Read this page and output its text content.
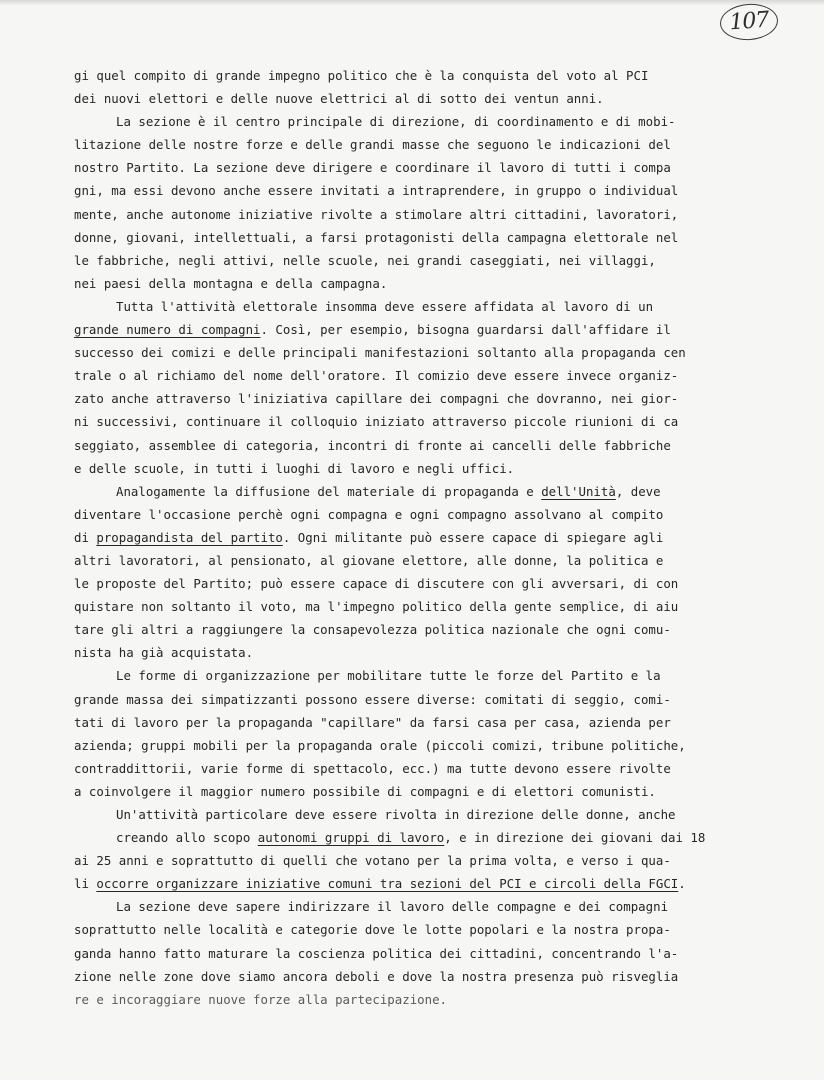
107
gi quel compito di grande impegno politico che è la conquista del voto al PCI
dei nuovi elettori e delle nuove elettrici al di sotto dei ventun anni.
La sezione è il centro principale di direzione, di coordinamento e di mobi-
litazione delle nostre forze e delle grandi masse che seguono le indicazioni del
nostro Partito. La sezione deve dirigere e coordinare il lavoro di tutti i compa
gni, ma essi devono anche essere invitati a intraprendere, in gruppo o individual
mente, anche autonome iniziative rivolte a stimolare altri cittadini, lavoratori,
donne, giovani, intellettuali, a farsi protagonisti della campagna elettorale nel
le fabbriche, negli attivi, nelle scuole, nei grandi caseggiati, nei villaggi,
nei paesi della montagna e della campagna.
Tutta l'attività elettorale insomma deve essere affidata al lavoro di un
grande numero di compagni. Così, per esempio, bisogna guardarsi dall'affidare il
successo dei comizi e delle principali manifestazioni soltanto alla propaganda cen
trale o al richiamo del nome dell'oratore. Il comizio deve essere invece organiz-
zato anche attraverso l'iniziativa capillare dei compagni che dovranno, nei gior-
ni successivi, continuare il colloquio iniziato attraverso piccole riunioni di ca
seggiato, assemblee di categoria, incontri di fronte ai cancelli delle fabbriche
e delle scuole, in tutti i luoghi di lavoro e negli uffici.
Analogamente la diffusione del materiale di propaganda e dell'Unità, deve
diventare l'occasione perchè ogni compagna e ogni compagno assolvano al compito
di propagandista del partito. Ogni militante può essere capace di spiegare agli
altri lavoratori, al pensionato, al giovane elettore, alle donne, la politica e
le proposte del Partito; può essere capace di discutere con gli avversari, di con
quistare non soltanto il voto, ma l'impegno politico della gente semplice, di aiu
tare gli altri a raggiungere la consapevolezza politica nazionale che ogni comu-
nista ha già acquistata.
Le forme di organizzazione per mobilitare tutte le forze del Partito e la
grande massa dei simpatizzanti possono essere diverse: comitati di seggio, comi-
tati di lavoro per la propaganda "capillare" da farsi casa per casa, azienda per
azienda; gruppi mobili per la propaganda orale (piccoli comizi, tribune politiche,
contraddittorii, varie forme di spettacolo, ecc.) ma tutte devono essere rivolte
a coinvolgere il maggior numero possibile di compagni e di elettori comunisti.
Un'attività particolare deve essere rivolta in direzione delle donne, anche
creando allo scopo autonomi gruppi di lavoro, e in direzione dei giovani dai 18
ai 25 anni e soprattutto di quelli che votano per la prima volta, e verso i qua-
li occorre organizzare iniziative comuni tra sezioni del PCI e circoli della FGCI.
La sezione deve sapere indirizzare il lavoro delle compagne e dei compagni
soprattutto nelle località e categorie dove le lotte popolari e la nostra propa-
ganda hanno fatto maturare la coscienza politica dei cittadini, concentrando l'a-
zione nelle zone dove siamo ancora deboli e dove la nostra presenza può risveglia
re e incoraggiare nuove forze alla partecipazione.
